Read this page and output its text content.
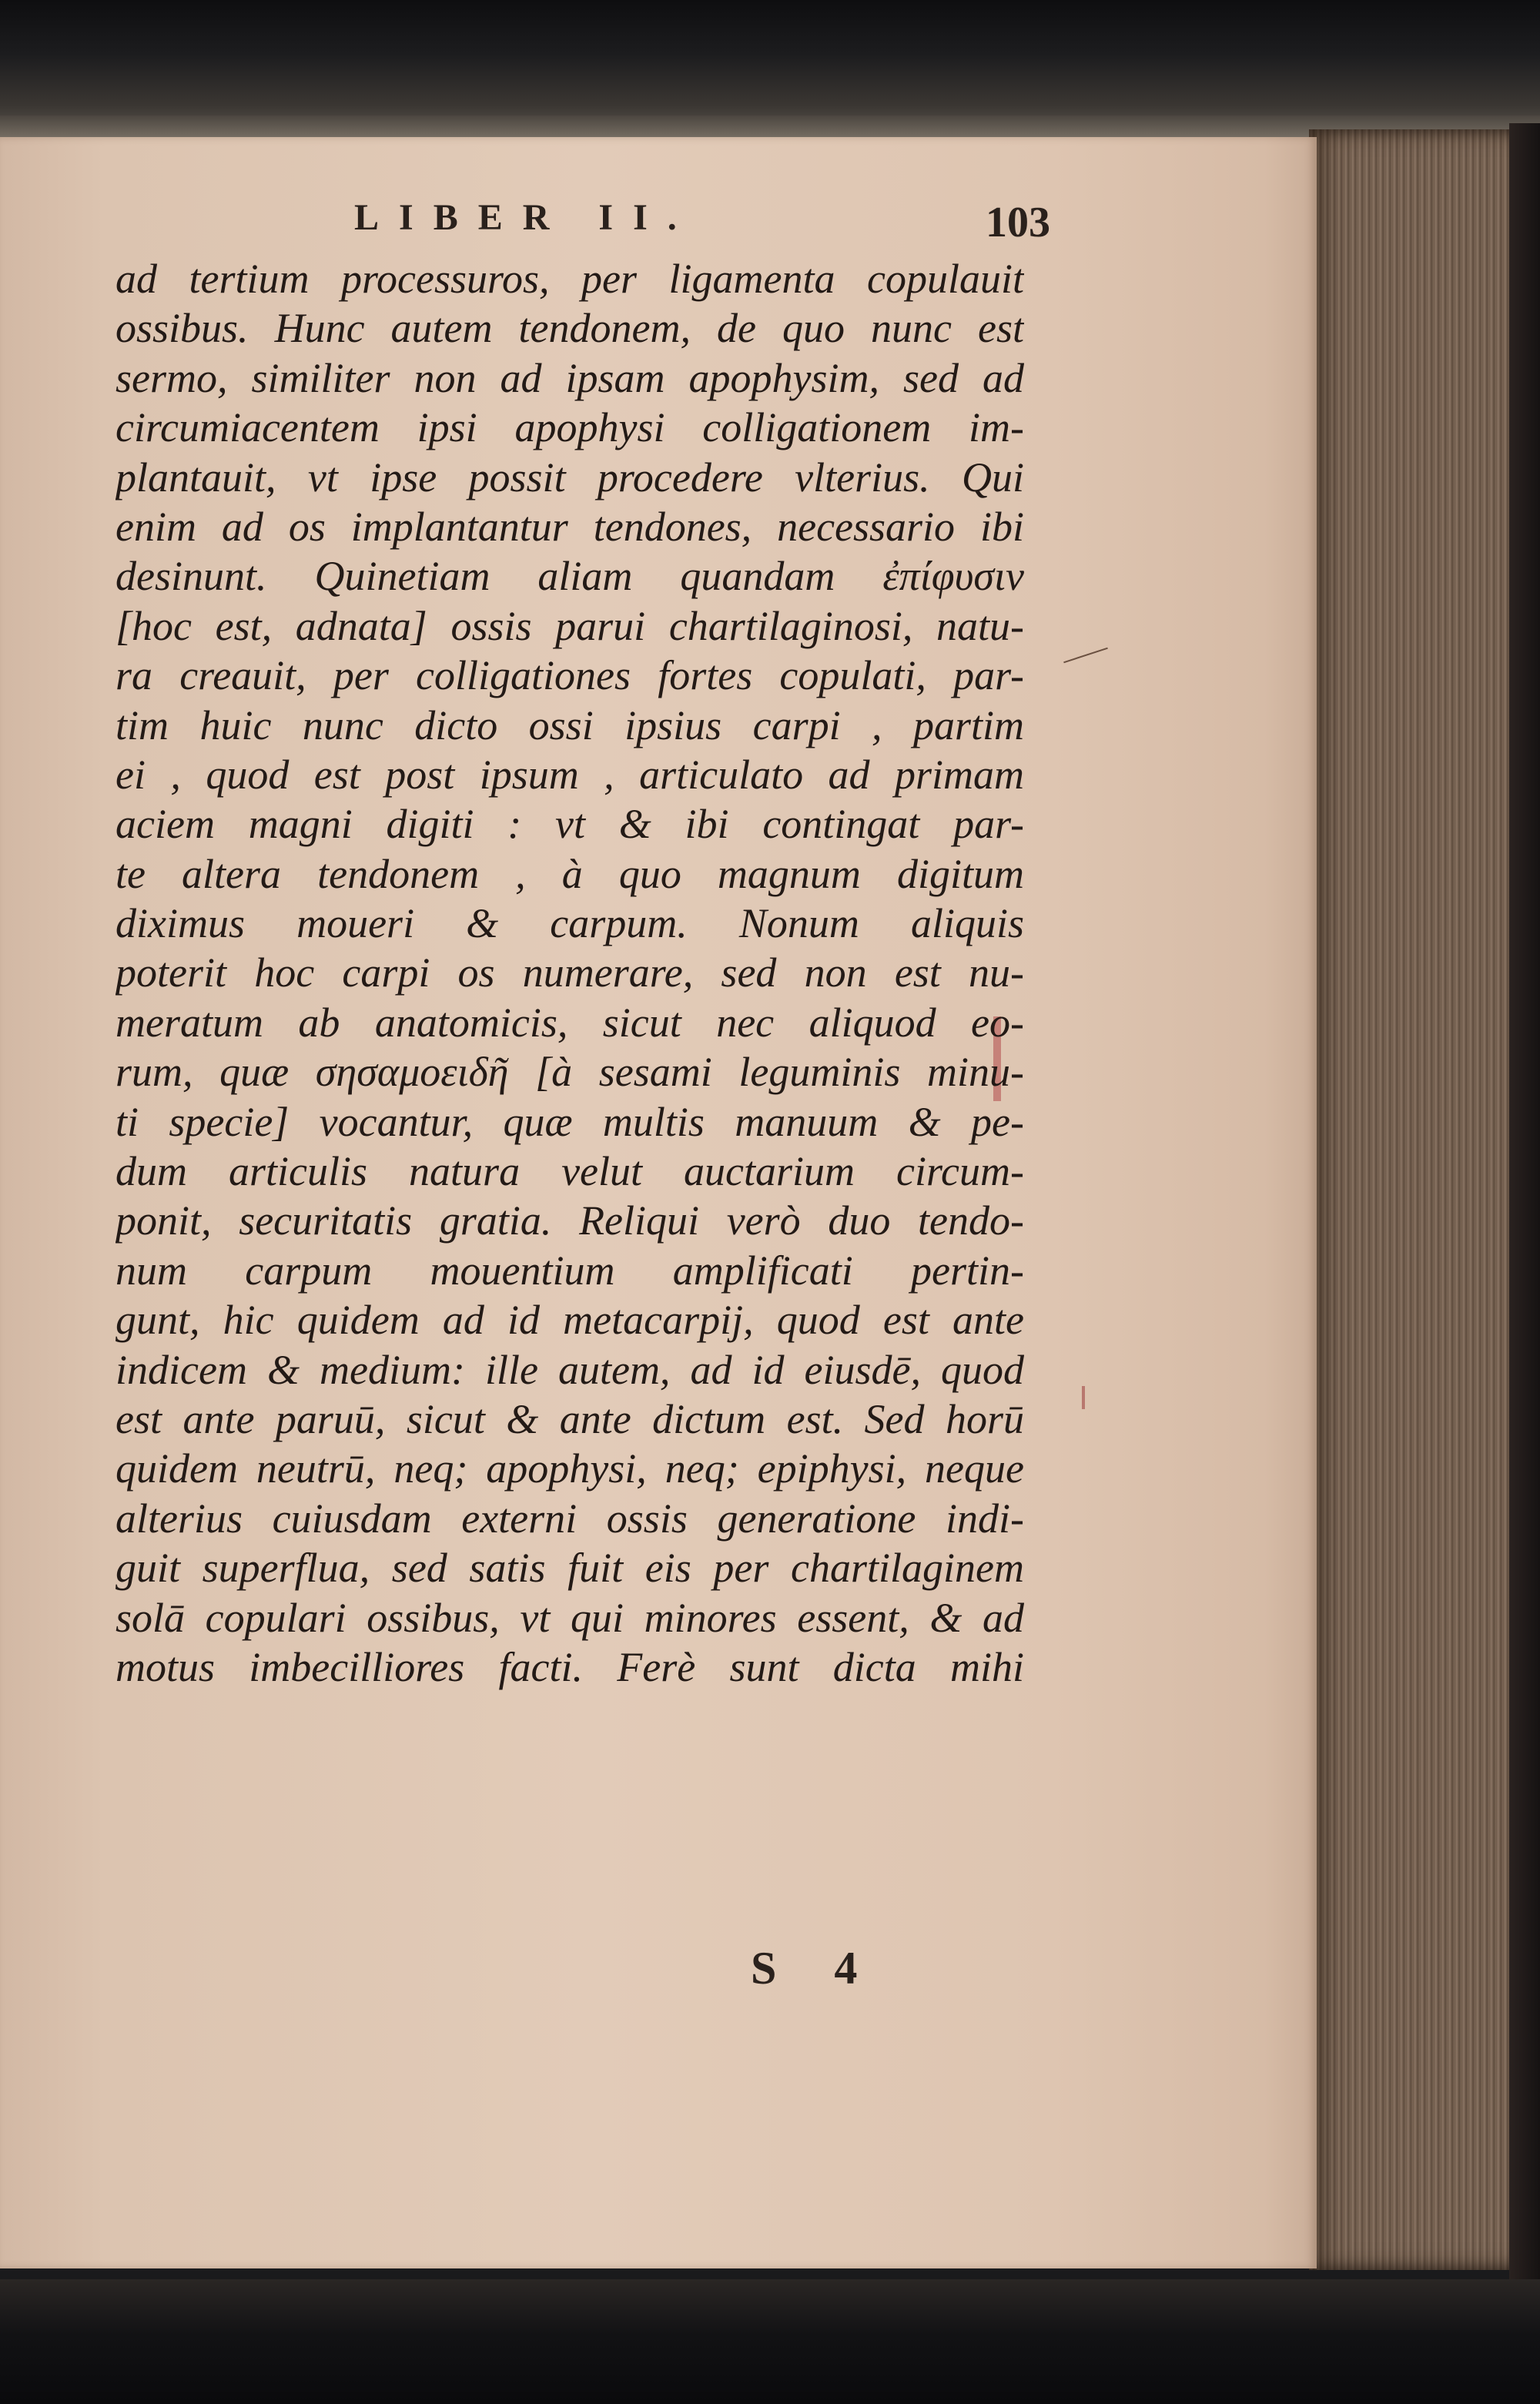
LIBER II.	103
ad tertium processuros, per ligamenta copulauit
ossibus. Hunc autem tendonem, de quo nunc est
sermo, similiter non ad ipsam apophysim, sed ad
circumiacentem ipsi apophysi colligationem im-
plantauit, vt ipse possit procedere vlterius. Qui
enim ad os implantantur tendones, necessario ibi
desinunt. Quinetiam aliam quandam ἐπίφυσιν
[hoc est, adnata] ossis parui chartilaginosi, natu-
ra creauit, per colligationes fortes copulati, par-
tim huic nunc dicto ossi ipsius carpi , partim
ei , quod est post ipsum , articulato ad primam
aciem magni digiti : vt & ibi contingat par-
te altera tendonem , à quo magnum digitum
diximus moueri & carpum. Nonum aliquis
poterit hoc carpi os numerare, sed non est nu-
meratum ab anatomicis, sicut nec aliquod eo-
rum, quæ σησαμοειδῆ [à sesami leguminis minu-
ti specie] vocantur, quæ multis manuum & pe-
dum articulis natura velut auctarium circum-
ponit, securitatis gratia. Reliqui verò duo tendo-
num carpum mouentium amplificati pertin-
gunt, hic quidem ad id metacarpij, quod est ante
indicem & medium: ille autem, ad id eiusdē, quod
est ante paruū, sicut & ante dictum est. Sed horū
quidem neutrū, neq; apophysi, neq; epiphysi, neque
alterius cuiusdam externi ossis generatione indi-
guit superflua, sed satis fuit eis per chartilaginem
solā copulari ossibus, vt qui minores essent, & ad
motus imbecilliores facti. Ferè sunt dicta mihi
S 4
